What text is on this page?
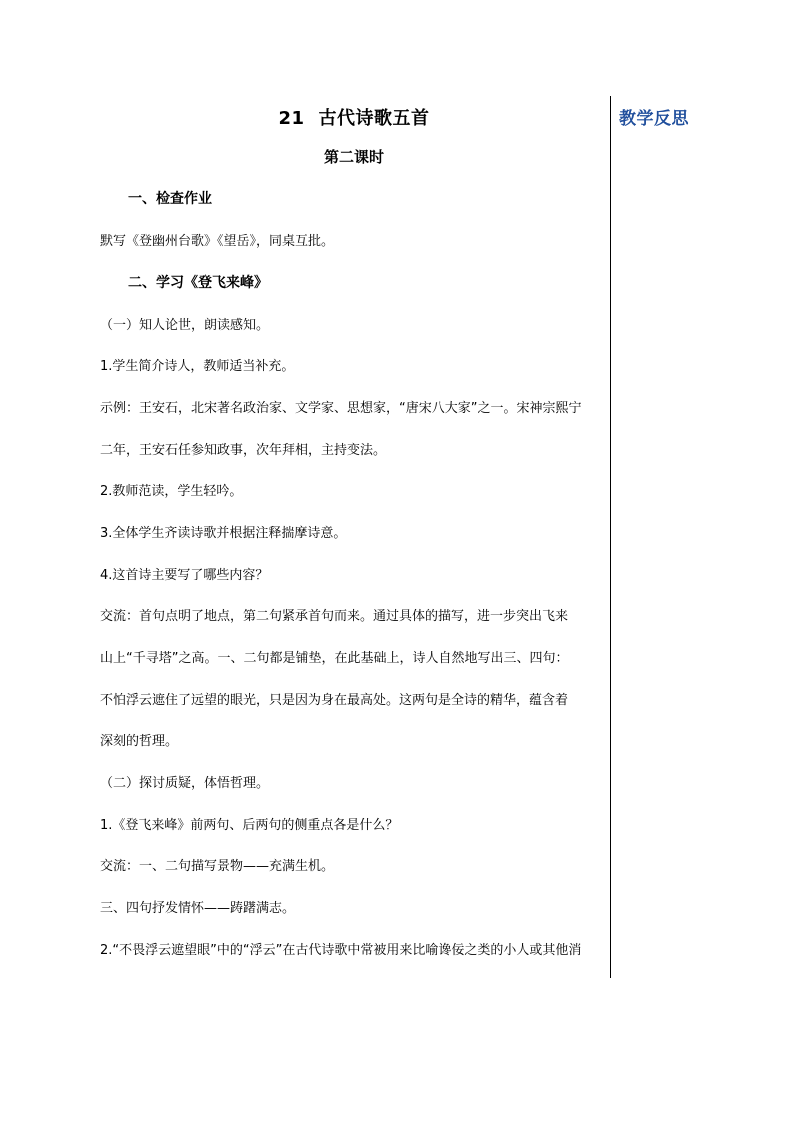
21 古代诗歌五首
第二课时
一、检查作业
默写《登幽州台歌》《望岳》，同桌互批。
二、学习《登飞来峰》
（一）知人论世，朗读感知。
1.学生简介诗人，教师适当补充。
示例：王安石，北宋著名政治家、文学家、思想家，“唐宋八大家”之一。宋神宗熙宁
二年，王安石任参知政事，次年拜相，主持变法。
2.教师范读，学生轻吟。
3.全体学生齐读诗歌并根据注释揣摩诗意。
4.这首诗主要写了哪些内容？
交流：首句点明了地点，第二句紧承首句而来。通过具体的描写，进一步突出飞来
山上“千寻塔”之高。一、二句都是铺垫，在此基础上，诗人自然地写出三、四句：
不怕浮云遮住了远望的眼光，只是因为身在最高处。这两句是全诗的精华，蕴含着
深刻的哲理。
（二）探讨质疑，体悟哲理。
1.《登飞来峰》前两句、后两句的侧重点各是什么？
交流：一、二句描写景物——充满生机。
三、四句抒发情怀——踌躇满志。
2.“不畏浮云遮望眼”中的“浮云”在古代诗歌中常被用来比喻谗佞之类的小人或其他消
教学反思
